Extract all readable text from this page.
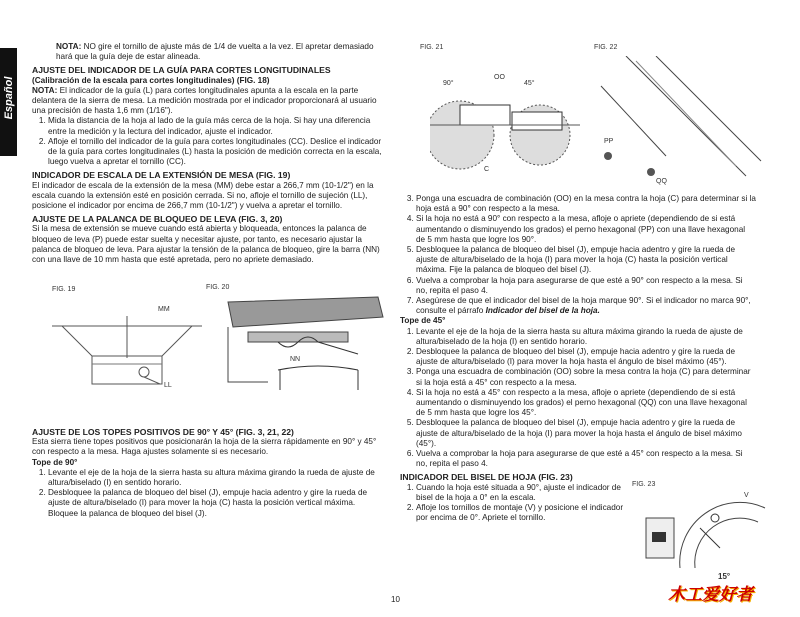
Español

NOTA: NO gire el tornillo de ajuste más de 1/4 de vuelta a la vez. El apretar demasiado hará que la guía deje de estar alineada.

AJUSTE DEL INDICADOR DE LA GUÍA PARA CORTES LONGITUDINALES

(Calibración de la escala para cortes longitudinales) (FIG. 18)

NOTA: El indicador de la guía (L) para cortes longitudinales apunta a la escala en la parte delantera de la sierra de mesa. La medición mostrada por el indicador proporcionará al usuario una precisión de hasta 1,6 mm (1/16").

1. Mida la distancia de la hoja al lado de la guía más cerca de la hoja. Si hay una diferencia entre la medición y la lectura del indicador, ajuste el indicador.
2. Afloje el tornillo del indicador de la guía para cortes longitudinales (CC). Deslice el indicador de la guía para cortes longitudinales (L) hasta la posición de medición correcta en la escala, luego vuelva a apretar el tornillo (CC).

INDICADOR DE ESCALA DE LA EXTENSIÓN DE MESA (FIG. 19)

El indicador de escala de la extensión de la mesa (MM) debe estar a 266,7 mm (10-1/2") en la escala cuando la extensión esté en posición cerrada. Si no, afloje el tornillo de sujeción (LL), posicione el indicador por encima de 266,7 mm (10-1/2") y vuelva a apretar el tornillo.

AJUSTE DE LA PALANCA DE BLOQUEO DE LEVA (FIG. 3, 20)

Si la mesa de extensión se mueve cuando está abierta y bloqueada, entonces la palanca de bloqueo de leva (P) puede estar suelta y necesitar ajuste, por tanto, es necesario ajustar la palanca de bloqueo de leva. Para ajustar la tensión de la palanca de bloqueo, gire la barra (NN) con una llave de 10 mm hasta que esté apretada, pero no apriete demasiado.

FIG. 19
MM
LL
FIG. 20
NN

AJUSTE DE LOS TOPES POSITIVOS DE 90° Y 45° (FIG. 3, 21, 22)

Esta sierra tiene topes positivos que posicionarán la hoja de la sierra rápidamente en 90° y 45° con respecto a la mesa. Haga ajustes solamente si es necesario.

Tope de 90°

1. Levante el eje de la hoja de la sierra hasta su altura máxima girando la rueda de ajuste de altura/biselado (I) en sentido horario.
2. Desbloquee la palanca de bloqueo del bisel (J), empuje hacia adentro y gire la rueda de ajuste de altura/biselado (I) para mover la hoja (C) hasta la posición vertical máxima. Bloquee la palanca de bloqueo del bisel (J).
FIG. 21
90°
OO
45°
C
FIG. 22
PP
QQ
3. Ponga una escuadra de combinación (OO) en la mesa contra la hoja (C) para determinar si la hoja está a 90° con respecto a la mesa.
4. Si la hoja no está a 90° con respecto a la mesa, afloje o apriete (dependiendo de si está aumentando o disminuyendo los grados) el perno hexagonal (PP) con una llave hexagonal de 5 mm hasta que logre los 90°.
5. Desbloquee la palanca de bloqueo del bisel (J), empuje hacia adentro y gire la rueda de ajuste de altura/biselado de la hoja (I) para mover la hoja (C) hasta la posición vertical máxima. Fije la palanca de bloqueo del bisel (J).
6. Vuelva a comprobar la hoja para asegurarse de que esté a 90° con respecto a la mesa. Si no, repita el paso 4.
7. Asegúrese de que el indicador del bisel de la hoja marque 90°. Si el indicador no marca 90°, consulte el párrafo Indicador del bisel de la hoja.

Tope de 45°

1. Levante el eje de la hoja de la sierra hasta su altura máxima girando la rueda de ajuste de altura/biselado de la hoja (I) en sentido horario.
2. Desbloquee la palanca de bloqueo del bisel (J), empuje hacia adentro y gire la rueda de ajuste de altura/biselado (I) para mover la hoja hasta el ángulo de bisel máximo (45°).
3. Ponga una escuadra de combinación (OO) sobre la mesa contra la hoja (C) para determinar si la hoja está a 45° con respecto a la mesa.
4. Si la hoja no está a 45° con respecto a la mesa, afloje o apriete (dependiendo de si está aumentando o disminuyendo los grados) el perno hexagonal (QQ) con una llave hexagonal de 5 mm hasta que logre los 45°.
5. Desbloquee la palanca de bloqueo del bisel (J), empuje hacia adentro y gire la rueda de ajuste de altura/biselado de la hoja (I) para mover la hoja hasta el ángulo de bisel máximo (45°).
6. Vuelva a comprobar la hoja para asegurarse de que esté a 45° con respecto a la mesa. Si no, repita el paso 4.

INDICADOR DEL BISEL DE HOJA (FIG. 23)

1. Cuando la hoja esté situada a 90°, ajuste el indicador de bisel de la hoja a 0° en la escala.
2. Afloje los tornillos de montaje (V) y posicione el indicador por encima de 0°. Apriete el tornillo.
FIG. 23
V
15°
10	木工爱好者
